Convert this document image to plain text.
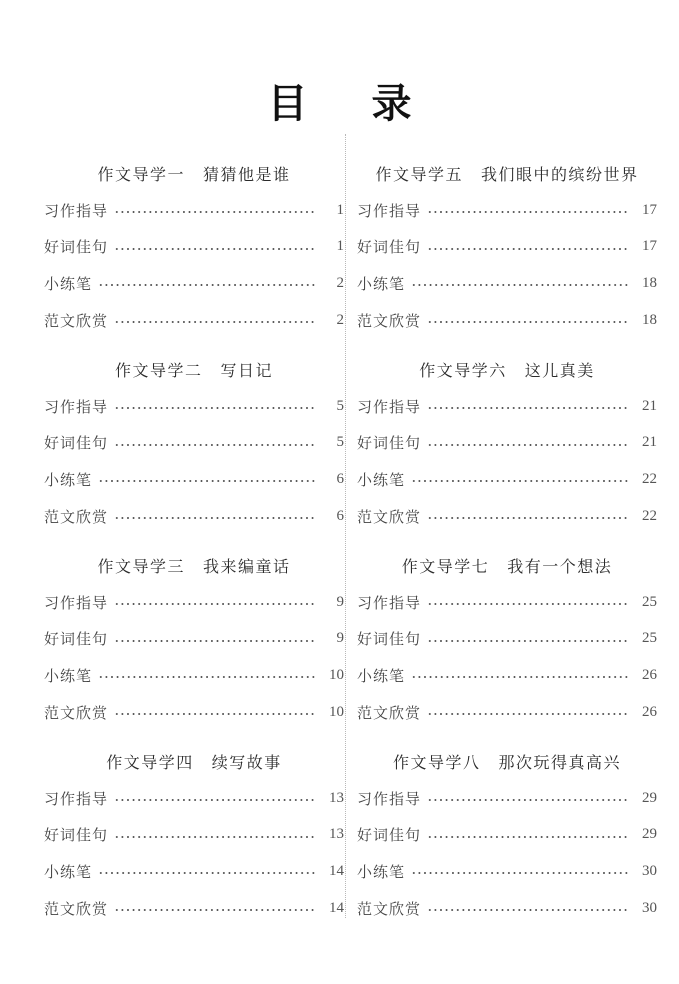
目 录
作文导学一 猜猜他是谁
习作指导	1
好词佳句	1
小练笔	2
范文欣赏	2
作文导学二 写日记
习作指导	5
好词佳句	5
小练笔	6
范文欣赏	6
作文导学三 我来编童话
习作指导	9
好词佳句	9
小练笔	10
范文欣赏	10
作文导学四 续写故事
习作指导	13
好词佳句	13
小练笔	14
范文欣赏	14
作文导学五 我们眼中的缤纷世界
习作指导	17
好词佳句	17
小练笔	18
范文欣赏	18
作文导学六 这儿真美
习作指导	21
好词佳句	21
小练笔	22
范文欣赏	22
作文导学七 我有一个想法
习作指导	25
好词佳句	25
小练笔	26
范文欣赏	26
作文导学八 那次玩得真高兴
习作指导	29
好词佳句	29
小练笔	30
范文欣赏	30
